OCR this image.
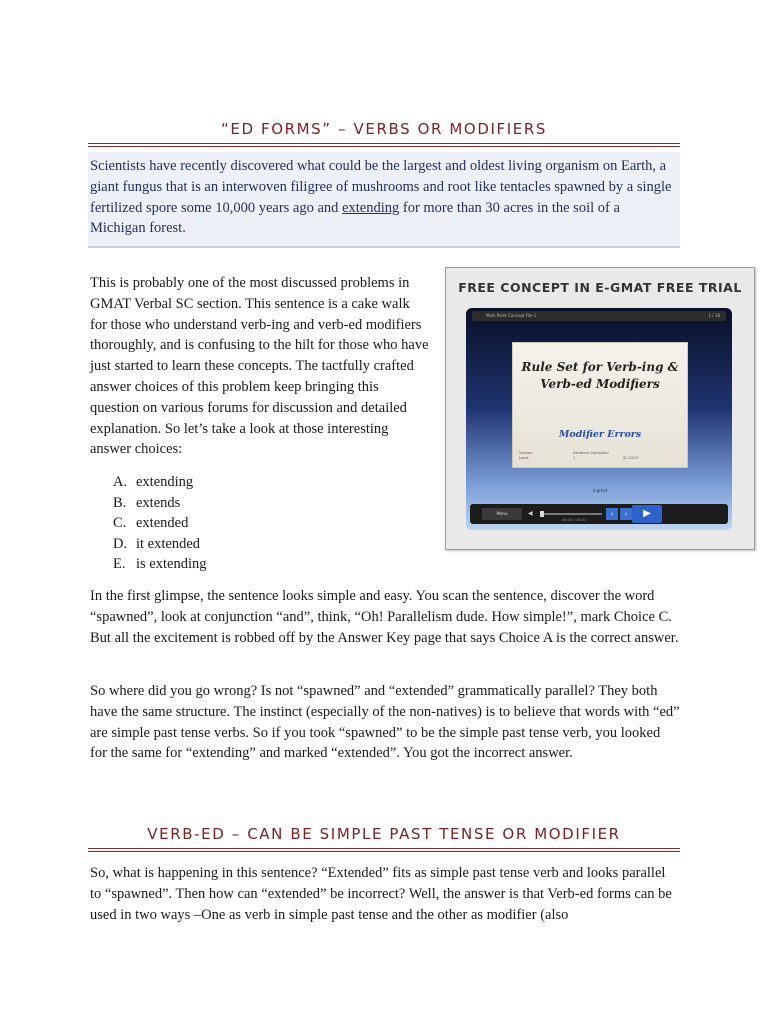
“ED FORMS” – VERBS OR MODIFIERS

Scientists have recently discovered what could be the largest and oldest living organism on Earth, a giant fungus that is an interwoven filigree of mushrooms and root like tentacles spawned by a single fertilized spore some 10,000 years ago and extending for more than 30 acres in the soil of a Michigan forest.

This is probably one of the most discussed problems in GMAT Verbal SC section. This sentence is a cake walk for those who understand verb-ing and verb-ed modifiers thoroughly, and is confusing to the hilt for those who have just started to learn these concepts. The tactfully crafted answer choices of this problem keep bringing this question on various forums for discussion and detailed explanation. So let’s take a look at those interesting answer choices:

A. extending
B. extends
C. extended
D. it extended
E. is extending
FREE CONCEPT IN E-GMAT FREE TRIAL
Main Point Concept File 1	1 / 18
Rule Set for Verb-ing & Verb-ed Modifiers
Modifier Errors
Section:
Level:
Sentence Correction
1	SC-GC07
e-gmat
Menu	◀
00:00 / 00:10
‹	›	▶

In the first glimpse, the sentence looks simple and easy. You scan the sentence, discover the word “spawned”, look at conjunction “and”, think, “Oh! Parallelism dude. How simple!”, mark Choice C. But all the excitement is robbed off by the Answer Key page that says Choice A is the correct answer.

So where did you go wrong? Is not “spawned” and “extended” grammatically parallel? They both have the same structure. The instinct (especially of the non-natives) is to believe that words with “ed” are simple past tense verbs. So if you took “spawned” to be the simple past tense verb, you looked for the same for “extending” and marked “extended”. You got the incorrect answer.

VERB-ED – CAN BE SIMPLE PAST TENSE OR MODIFIER

So, what is happening in this sentence? “Extended” fits as simple past tense verb and looks parallel to “spawned”. Then how can “extended” be incorrect? Well, the answer is that Verb-ed forms can be used in two ways –One as verb in simple past tense and the other as modifier (also
